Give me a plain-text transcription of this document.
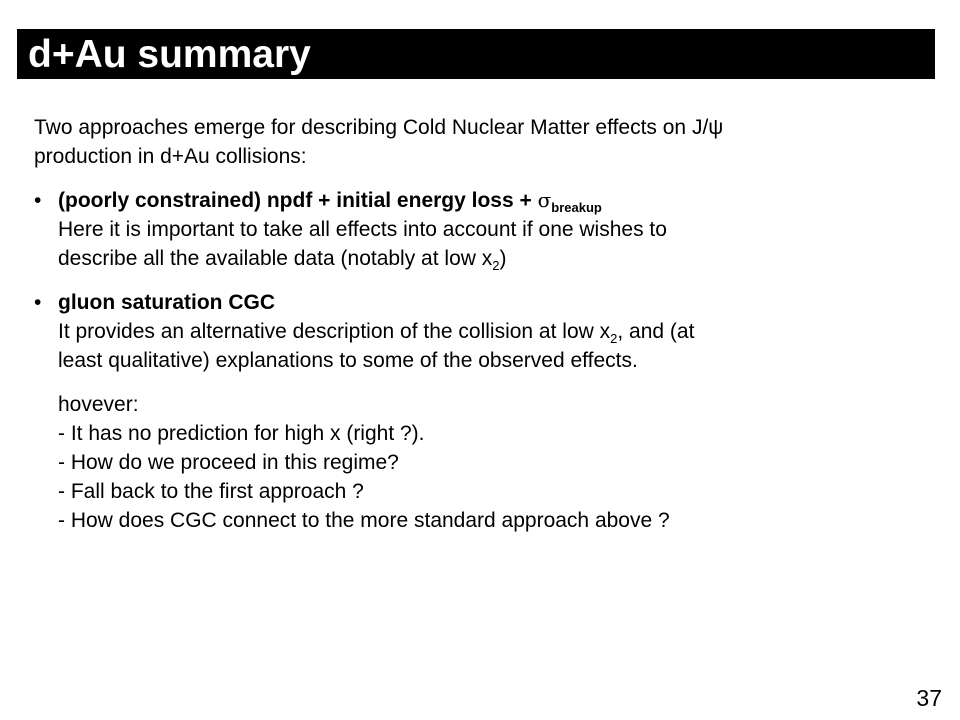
d+Au summary

Two approaches emerge for describing Cold Nuclear Matter effects on J/ψ
production in d+Au collisions:

• (poorly constrained) npdf + initial energy loss + $\sigma_{breakup}$
Here it is important to take all effects into account if one wishes to
describe all the available data (notably at low $x_2$)
• gluon saturation CGC
It provides an alternative description of the collision at low $x_2$, and (at
least qualitative) explanations to some of the observed effects.
hovever:
- It has no prediction for high x (right ?).
- How do we proceed in this regime?
- Fall back to the first approach ?
- How does CGC connect to the more standard approach above ?
37
